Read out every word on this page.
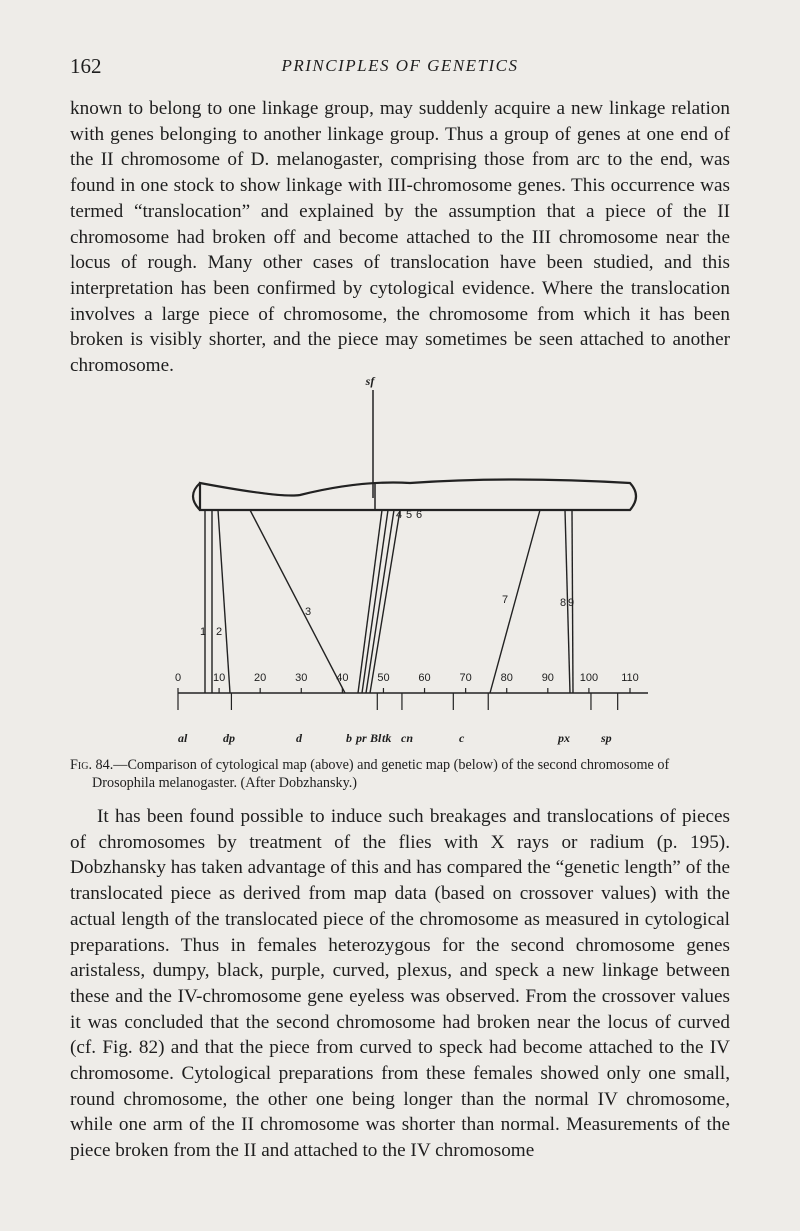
162	PRINCIPLES OF GENETICS

known to belong to one linkage group, may suddenly acquire a new linkage relation with genes belonging to another linkage group. Thus a group of genes at one end of the II chromosome of D. melanogaster, comprising those from arc to the end, was found in one stock to show linkage with III-chromosome genes. This occurrence was termed “translocation” and explained by the assumption that a piece of the II chromosome had broken off and become attached to the III chromosome near the locus of rough. Many other cases of translocation have been studied, and this interpretation has been confirmed by cytological evidence. Where the translocation involves a large piece of chromosome, the chromosome from which it has been broken is visibly shorter, and the piece may sometimes be seen attached to another chromosome.

sf
1 2
3
4 5 6
7	8 9
0	10	20	30	40	50	60	70	80	90 100 110
al	dp	d	b pr Bl tk cn	c	px	sp

Fig. 84.—Comparison of cytological map (above) and genetic map (below) of the second chromosome of Drosophila melanogaster. (After Dobzhansky.)

It has been found possible to induce such breakages and translocations of pieces of chromosomes by treatment of the flies with X rays or radium (p. 195). Dobzhansky has taken advantage of this and has compared the “genetic length” of the translocated piece as derived from map data (based on crossover values) with the actual length of the translocated piece of the chromosome as measured in cytological preparations. Thus in females heterozygous for the second chromosome genes aristaless, dumpy, black, purple, curved, plexus, and speck a new linkage between these and the IV-chromosome gene eyeless was observed. From the crossover values it was concluded that the second chromosome had broken near the locus of curved (cf. Fig. 82) and that the piece from curved to speck had become attached to the IV chromosome. Cytological preparations from these females showed only one small, round chromosome, the other one being longer than the normal IV chromosome, while one arm of the II chromosome was shorter than normal. Measurements of the piece broken from the II and attached to the IV chromosome
